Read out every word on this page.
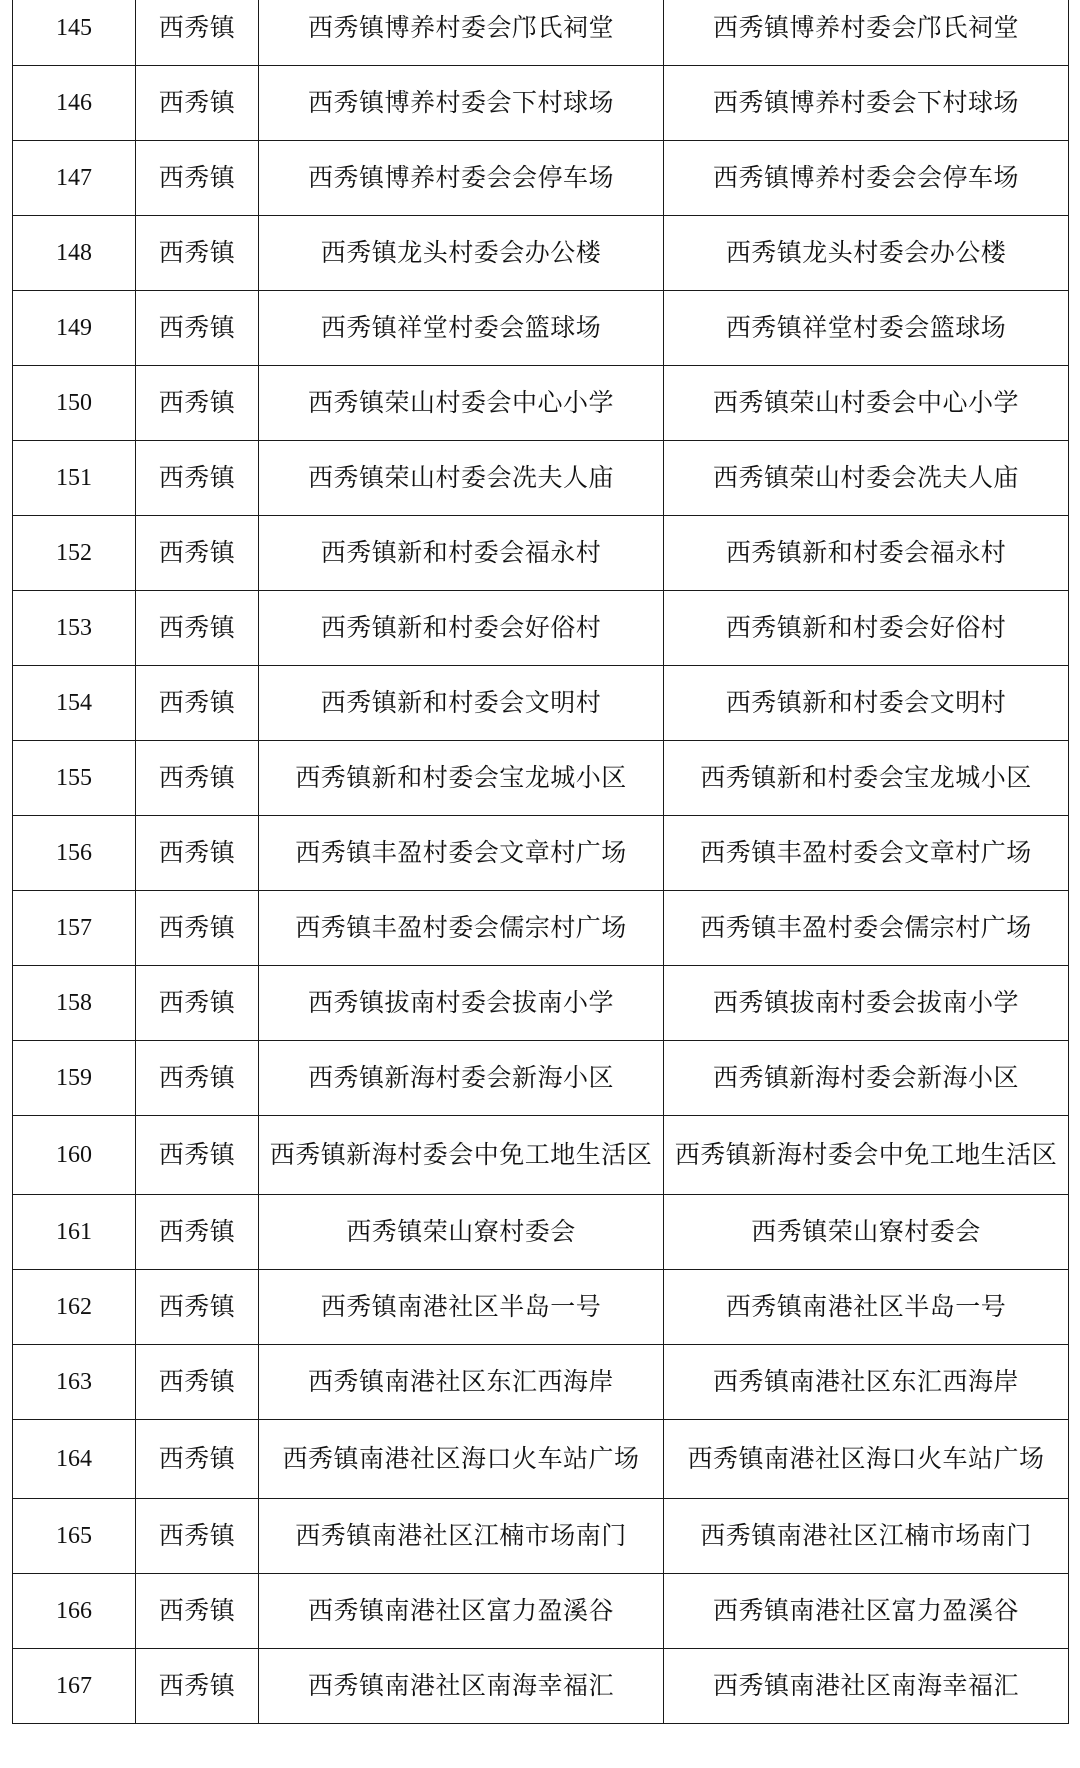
145	西秀镇	西秀镇博养村委会邝氏祠堂	西秀镇博养村委会邝氏祠堂
146	西秀镇	西秀镇博养村委会下村球场	西秀镇博养村委会下村球场
147	西秀镇	西秀镇博养村委会会停车场	西秀镇博养村委会会停车场
148	西秀镇	西秀镇龙头村委会办公楼	西秀镇龙头村委会办公楼
149	西秀镇	西秀镇祥堂村委会篮球场	西秀镇祥堂村委会篮球场
150	西秀镇	西秀镇荣山村委会中心小学	西秀镇荣山村委会中心小学
151	西秀镇	西秀镇荣山村委会冼夫人庙	西秀镇荣山村委会冼夫人庙
152	西秀镇	西秀镇新和村委会福永村	西秀镇新和村委会福永村
153	西秀镇	西秀镇新和村委会好俗村	西秀镇新和村委会好俗村
154	西秀镇	西秀镇新和村委会文明村	西秀镇新和村委会文明村
155	西秀镇	西秀镇新和村委会宝龙城小区	西秀镇新和村委会宝龙城小区
156	西秀镇	西秀镇丰盈村委会文章村广场	西秀镇丰盈村委会文章村广场
157	西秀镇	西秀镇丰盈村委会儒宗村广场	西秀镇丰盈村委会儒宗村广场
158	西秀镇	西秀镇拔南村委会拔南小学	西秀镇拔南村委会拔南小学
159	西秀镇	西秀镇新海村委会新海小区	西秀镇新海村委会新海小区
160	西秀镇	西秀镇新海村委会中免工地生活区	西秀镇新海村委会中免工地生活区
161	西秀镇	西秀镇荣山寮村委会	西秀镇荣山寮村委会
162	西秀镇	西秀镇南港社区半岛一号	西秀镇南港社区半岛一号
163	西秀镇	西秀镇南港社区东汇西海岸	西秀镇南港社区东汇西海岸
164	西秀镇	西秀镇南港社区海口火车站广场	西秀镇南港社区海口火车站广场
165	西秀镇	西秀镇南港社区江楠市场南门	西秀镇南港社区江楠市场南门
166	西秀镇	西秀镇南港社区富力盈溪谷	西秀镇南港社区富力盈溪谷
167	西秀镇	西秀镇南港社区南海幸福汇	西秀镇南港社区南海幸福汇
